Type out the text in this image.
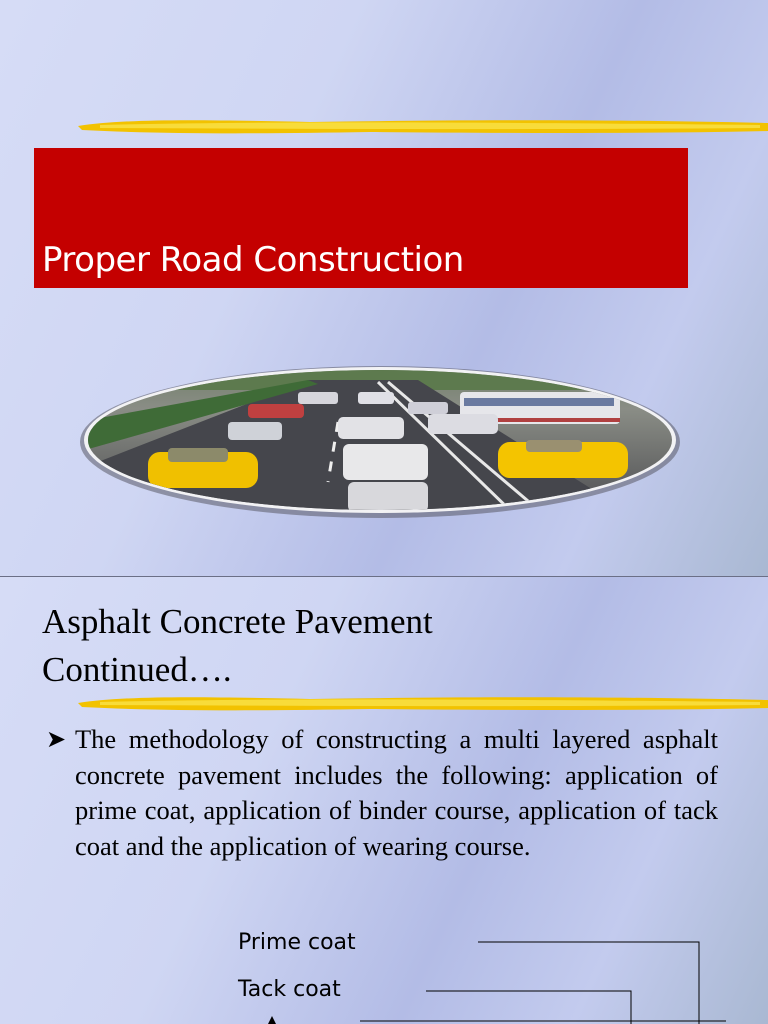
Proper Road Construction
Asphalt Concrete Pavement
Continued….
➤ The methodology of constructing a multi layered asphalt concrete pavement includes the following: application of prime coat, application of binder course, application of tack coat and the application of wearing course.
Prime coat
Tack coat
